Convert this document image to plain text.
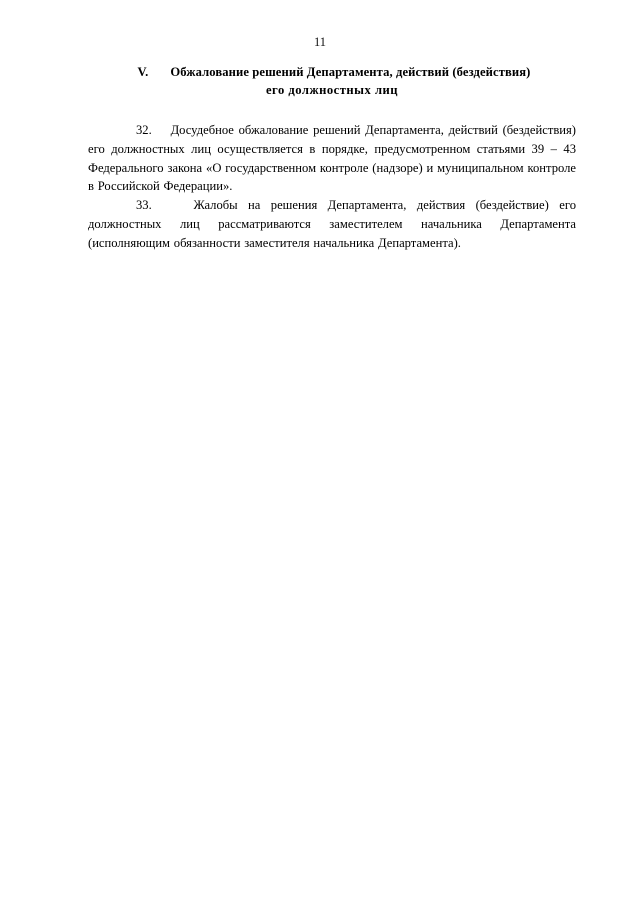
11
V. Обжалование решений Департамента, действий (бездействия)
его должностных лиц

32. Досудебное обжалование решений Департамента, действий (бездействия) его должностных лиц осуществляется в порядке, предусмотренном статьями 39 – 43 Федерального закона «О государственном контроле (надзоре) и муниципальном контроле в Российской Федерации».

33.	Жалобы на решения Департамента, действия (бездействие) его должностных лиц рассматриваются заместителем начальника Департамента (исполняющим обязанности заместителя начальника Департамента).
